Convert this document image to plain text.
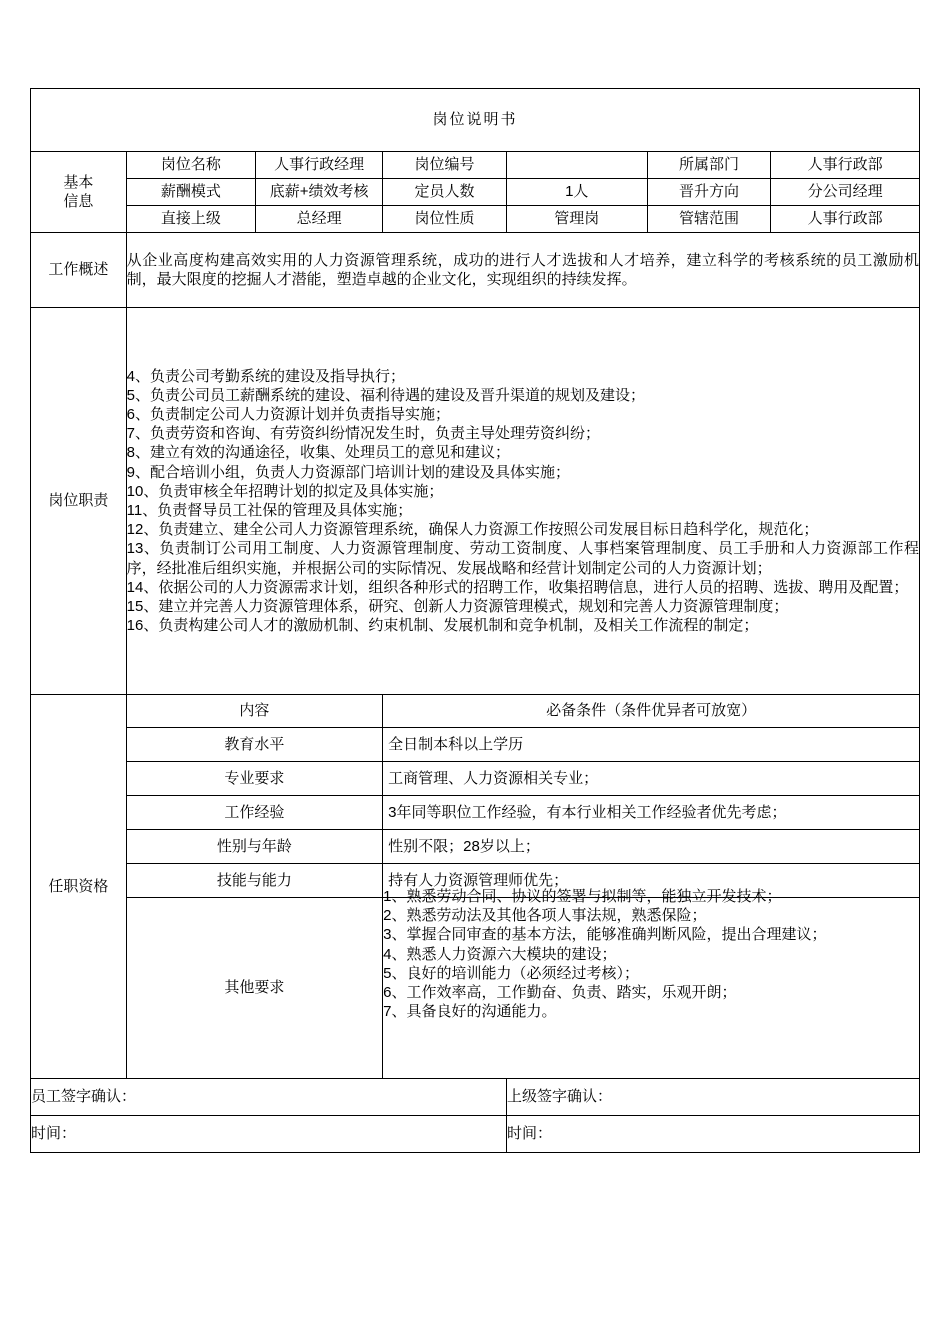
岗位说明书						

基本
信息	岗位名称	人事行政经理	岗位编号		所属部门	人事行政部
	薪酬模式	底薪+绩效考核	定员人数	1人	晋升方向	分公司经理
	直接上级	总经理	岗位性质	管理岗	管辖范围	人事行政部
工作概述	从企业高度构建高效实用的人力资源管理系统，成功的进行人才选拔和人才培养，建立科学的考核系统的员工激励机制，最大限度的挖掘人才潜能，塑造卓越的企业文化，实现组织的持续发挥。					
岗位职责	

4、负责公司考勤系统的建设及指导执行；

5、负责公司员工薪酬系统的建设、福利待遇的建设及晋升渠道的规划及建设；

6、负责制定公司人力资源计划并负责指导实施；

7、负责劳资和咨询、有劳资纠纷情况发生时，负责主导处理劳资纠纷；

8、建立有效的沟通途径，收集、处理员工的意见和建议；

9、配合培训小组，负责人力资源部门培训计划的建设及具体实施；

10、负责审核全年招聘计划的拟定及具体实施；

11、负责督导员工社保的管理及具体实施；

12、负责建立、建全公司人力资源管理系统，确保人力资源工作按照公司发展目标日趋科学化，规范化；

13、负责制订公司用工制度、人力资源管理制度、劳动工资制度、人事档案管理制度、员工手册和人力资源部工作程序，经批准后组织实施，并根据公司的实际情况、发展战略和经营计划制定公司的人力资源计划；

14、依据公司的人力资源需求计划，组织各种形式的招聘工作，收集招聘信息，进行人员的招聘、选拔、聘用及配置；

15、建立并完善人力资源管理体系，研究、创新人力资源管理模式，规划和完善人力资源管理制度；

16、负责构建公司人才的激励机制、约束机制、发展机制和竞争机制，及相关工作流程的制定；

任职资格	内容		必备条件（条件优异者可放宽）			
	教育水平		全日制本科以上学历			
	专业要求		工商管理、人力资源相关专业；			
	工作经验		3年同等职位工作经验，有本行业相关工作经验者优先考虑；			
	性别与年龄		性别不限；28岁以上；			
	技能与能力		持有人力资源管理师优先；			
其他要求	

1、熟悉劳动合同、协议的签署与拟制等，能独立开发技术；

2、熟悉劳动法及其他各项人事法规，熟悉保险；

3、掌握合同审查的基本方法，能够准确判断风险，提出合理建议；

4、熟悉人力资源六大模块的建设；

5、良好的培训能力（必须经过考核）；

6、工作效率高，工作勤奋、负责、踏实，乐观开朗；

7、具备良好的沟通能力。

员工签字确认：				上级签字确认：		
时间：				时间：		
